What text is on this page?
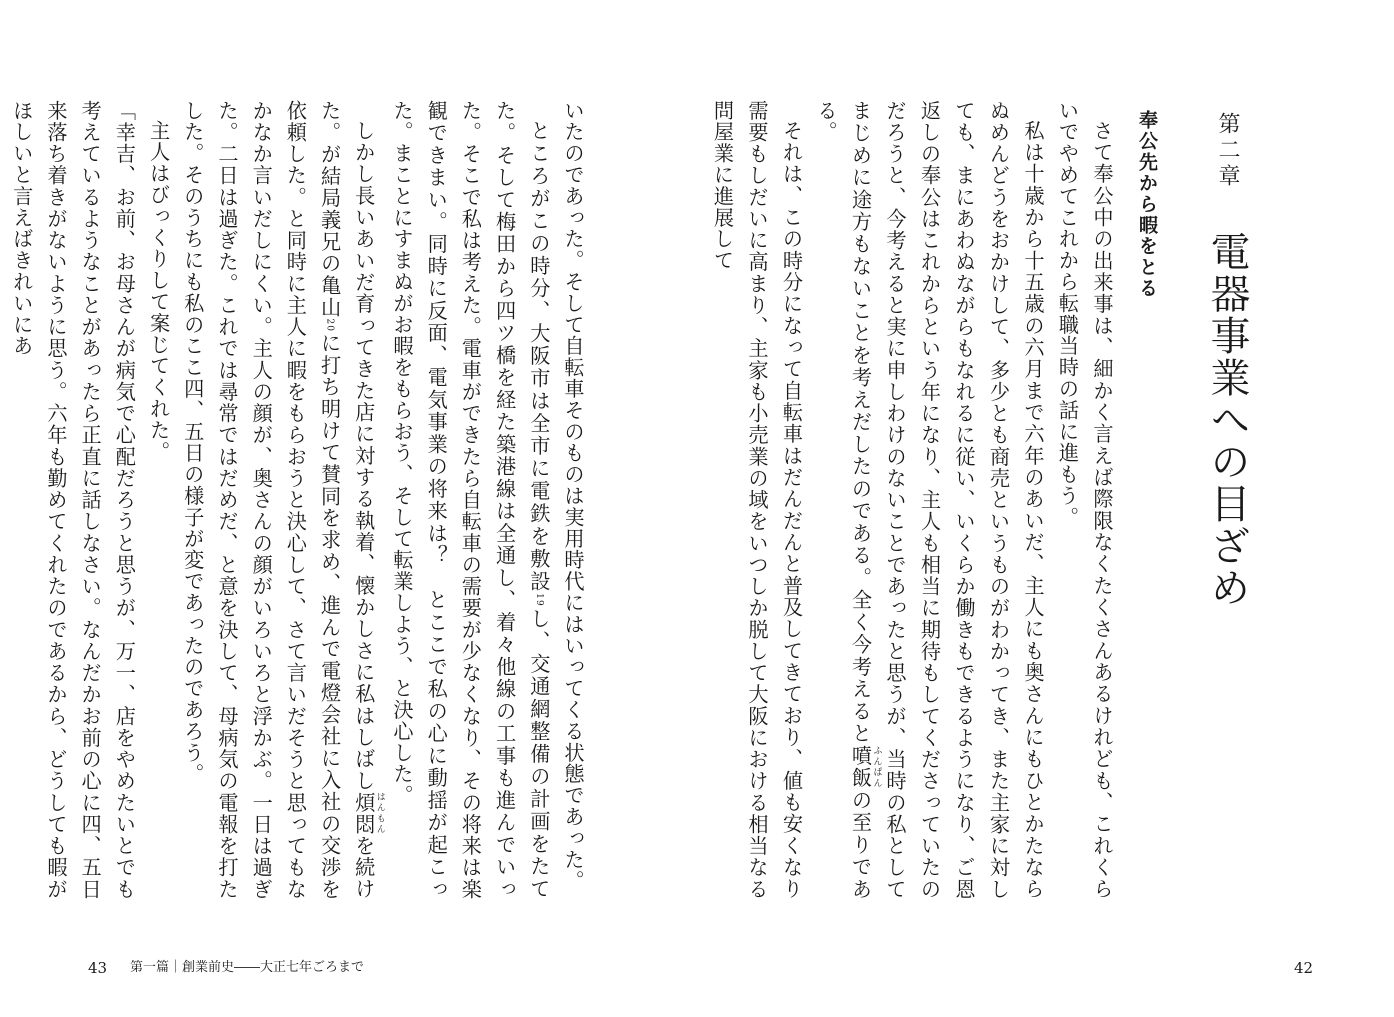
いたのであった。そして自転車そのものは実用時代にはいってくる状態であった。
ところがこの時分、大阪市は全市に電鉄を敷設$^{19}$し、交通網整備の計画をたてた。そして梅田から四ツ橋を経た築港線は全通し、着々他線の工事も進んでいった。そこで私は考えた。電車ができたら自転車の需要が少なくなり、その将来は楽観できまい。同時に反面、電気事業の将来は？　とここで私の心に動揺が起こった。まことにすまぬがお暇をもらおう、そして転業しよう、と決心した。
しかし長いあいだ育ってきた店に対する執着、懐かしさに私はしばし煩悶 はんもんを続けた。が結局義兄の亀山$^{20}$に打ち明けて賛同を求め、進んで電燈会社に入社の交渉を依頼した。と同時に主人に暇をもらおうと決心して、さて言いだそうと思ってもなかなか言いだしにくい。主人の顔が、奥さんの顔がいろいろと浮かぶ。一日は過ぎた。二日は過ぎた。これでは尋常ではだめだ、と意を決して、母病気の電報を打たした。そのうちにも私のここ四、五日の様子が変であったのであろう。
主人はびっくりして案じてくれた。
「幸吉、お前、お母さんが病気で心配だろうと思うが、万一、店をやめたいとでも考えているようなことがあったら正直に話しなさい。なんだかお前の心に四、五日来落ち着きがないように思う。六年も勤めてくれたのであるから、どうしても暇がほしいと言えばきれいにあ
43 第一篇｜創業前史――大正七年ごろまで
第二章 電器事業への目ざめ
奉公先から暇をとる
さて奉公中の出来事は、細かく言えば際限なくたくさんあるけれども、これくらいでやめてこれから転職当時の話に進もう。
私は十歳から十五歳の六月まで六年のあいだ、主人にも奥さんにもひとかたならぬめんどうをおかけして、多少とも商売というものがわかってき、また主家に対しても、まにあわぬながらもなれるに従い、いくらか働きもできるようになり、ご恩返しの奉公はこれからという年になり、主人も相当に期待もしてくださっていたのだろうと、今考えると実に申しわけのないことであったと思うが、当時の私としてまじめに途方もないことを考えだしたのである。全く今考えると噴飯 ふんぱんの至りである。
それは、この時分になって自転車はだんだんと普及してきており、値も安くなり需要もしだいに高まり、主家も小売業の域をいつしか脱して大阪における相当なる問屋業に進展して
42
